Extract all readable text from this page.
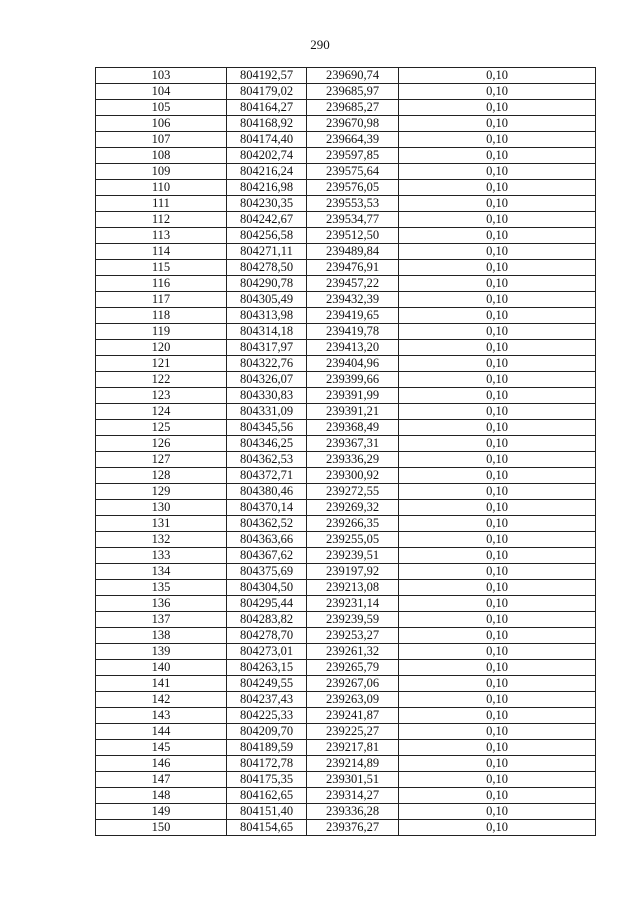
290
103	804192,57	239690,74	0,10
104	804179,02	239685,97	0,10
105	804164,27	239685,27	0,10
106	804168,92	239670,98	0,10
107	804174,40	239664,39	0,10
108	804202,74	239597,85	0,10
109	804216,24	239575,64	0,10
110	804216,98	239576,05	0,10
111	804230,35	239553,53	0,10
112	804242,67	239534,77	0,10
113	804256,58	239512,50	0,10
114	804271,11	239489,84	0,10
115	804278,50	239476,91	0,10
116	804290,78	239457,22	0,10
117	804305,49	239432,39	0,10
118	804313,98	239419,65	0,10
119	804314,18	239419,78	0,10
120	804317,97	239413,20	0,10
121	804322,76	239404,96	0,10
122	804326,07	239399,66	0,10
123	804330,83	239391,99	0,10
124	804331,09	239391,21	0,10
125	804345,56	239368,49	0,10
126	804346,25	239367,31	0,10
127	804362,53	239336,29	0,10
128	804372,71	239300,92	0,10
129	804380,46	239272,55	0,10
130	804370,14	239269,32	0,10
131	804362,52	239266,35	0,10
132	804363,66	239255,05	0,10
133	804367,62	239239,51	0,10
134	804375,69	239197,92	0,10
135	804304,50	239213,08	0,10
136	804295,44	239231,14	0,10
137	804283,82	239239,59	0,10
138	804278,70	239253,27	0,10
139	804273,01	239261,32	0,10
140	804263,15	239265,79	0,10
141	804249,55	239267,06	0,10
142	804237,43	239263,09	0,10
143	804225,33	239241,87	0,10
144	804209,70	239225,27	0,10
145	804189,59	239217,81	0,10
146	804172,78	239214,89	0,10
147	804175,35	239301,51	0,10
148	804162,65	239314,27	0,10
149	804151,40	239336,28	0,10
150	804154,65	239376,27	0,10
